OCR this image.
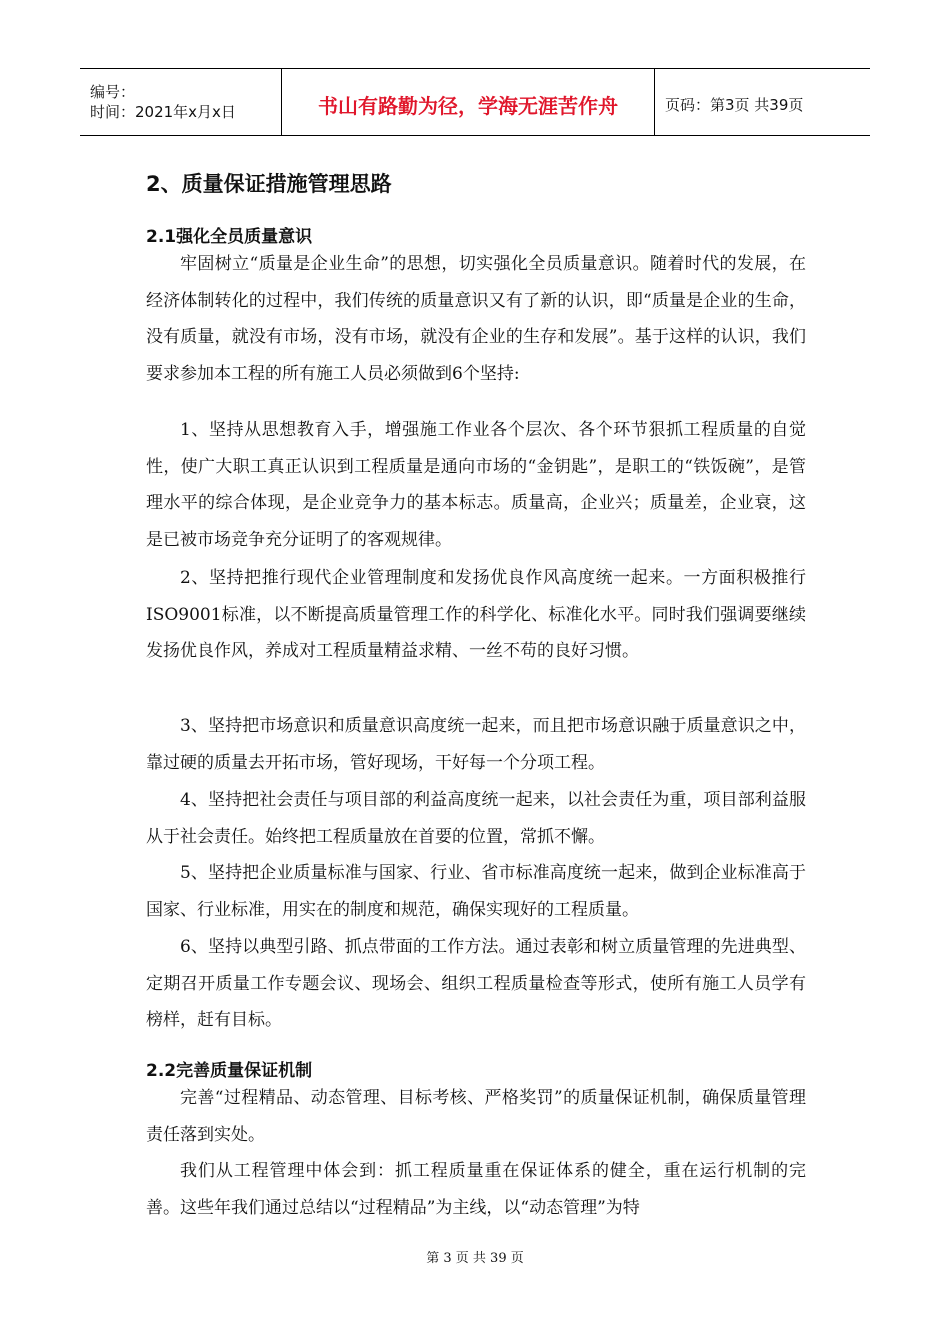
编号：
时间：2021年x月x日	书山有路勤为径，学海无涯苦作舟	页码：第3页 共39页
2、质量保证措施管理思路
2.1强化全员质量意识

牢固树立“质量是企业生命”的思想，切实强化全员质量意识。随着时代的发展，在经济体制转化的过程中，我们传统的质量意识又有了新的认识，即“质量是企业的生命，没有质量，就没有市场，没有市场，就没有企业的生存和发展”。基于这样的认识，我们要求参加本工程的所有施工人员必须做到6个坚持:

1、坚持从思想教育入手，增强施工作业各个层次、各个环节狠抓工程质量的自觉性，使广大职工真正认识到工程质量是通向市场的“金钥匙”，是职工的“铁饭碗”，是管理水平的综合体现，是企业竞争力的基本标志。质量高，企业兴；质量差，企业衰，这是已被市场竞争充分证明了的客观规律。

2、坚持把推行现代企业管理制度和发扬优良作风高度统一起来。一方面积极推行ISO9001标准，以不断提高质量管理工作的科学化、标准化水平。同时我们强调要继续发扬优良作风，养成对工程质量精益求精、一丝不苟的良好习惯。

3、坚持把市场意识和质量意识高度统一起来，而且把市场意识融于质量意识之中，靠过硬的质量去开拓市场，管好现场，干好每一个分项工程。

4、坚持把社会责任与项目部的利益高度统一起来，以社会责任为重，项目部利益服从于社会责任。始终把工程质量放在首要的位置，常抓不懈。

5、坚持把企业质量标准与国家、行业、省市标准高度统一起来，做到企业标准高于国家、行业标准，用实在的制度和规范，确保实现好的工程质量。

6、坚持以典型引路、抓点带面的工作方法。通过表彰和树立质量管理的先进典型、定期召开质量工作专题会议、现场会、组织工程质量检查等形式，使所有施工人员学有榜样，赶有目标。

2.2完善质量保证机制

完善“过程精品、动态管理、目标考核、严格奖罚”的质量保证机制，确保质量管理责任落到实处。

我们从工程管理中体会到：抓工程质量重在保证体系的健全，重在运行机制的完善。这些年我们通过总结以“过程精品”为主线，以“动态管理”为特

第 3 页 共 39 页
